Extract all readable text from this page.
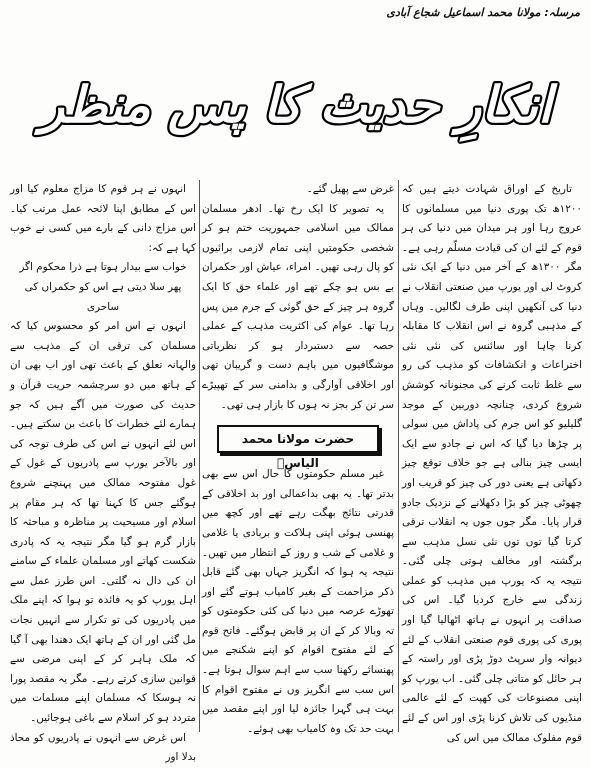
مرسلہ: مولانا محمد اسماعیل شجاع آبادی
انکارِ حدیث کا پس منظر

تاریخ کے اوراق شہادت دیتے ہیں کہ ۱۲۰۰ھ تک پوری دنیا میں مسلمانوں کا عروج رہا اور ہر میدان میں دنیا کی ہر قوم کے لئے ان کی قیادت مسلّم رہی ہے۔ مگر ۱۳۰۰ھ کے آخر میں دنیا کے ایک نئی کروٹ لی اور یورپ میں صنعتی انقلاب نے دنیا کی آنکھیں اپنی طرف لگالیں۔ وہاں کے مذہبی گروہ نے اس انقلاب کا مقابلہ کرنا چاہا اور سائنس کی نئی نئی اختراعات و انکشافات کو مذہب کی رو سے غلط ثابت کرنے کی مجنونانہ کوشش شروع کردی، چنانچہ دوربین کے موجد گلیلیو کو اس جرم کی پاداش میں سولی پر چڑھا دیا گیا کہ اس نے جادو سے ایک ایسی چیز بنالی ہے جو خلاف توقع چیز دکھاتی ہے یعنی دور کی چیز کو قریب اور چھوٹی چیز کو بڑا دکھلانے کے نزدیک جادو قرار پایا۔ مگر جوں جوں یہ انقلاب ترقی کرتا گیا توں توں نئی نسل مذہب سے برگشتہ اور مخالف ہوتی چلی گئی۔ نتیجہ یہ کہ یورپ میں مذہب کو عملی زندگی سے خارج کردیا گیا۔ اس کی صداقت پر انہوں نے ہاتھ اٹھالیا گیا اور پوری کی پوری قوم صنعتی انقلاب کے لئے دیوانہ وار سرپٹ دوڑ پڑی اور راستہ کے ہر حائل کو متاتی چلی گئی۔ اب یورپ کو اپنی مصنوعات کی کھپت کے لئے عالمی منڈیوں کی تلاش کرنا پڑی اور اس کے لئے قوم مفلوک ممالک میں اس کی

غرض سے پھیل گئے۔

یہ تصویر کا ایک رخ تھا۔ ادھر مسلمان ممالک میں اسلامی جمہوریت ختم ہو کر شخصی حکومتیں اپنی تمام لازمی برائیوں کو پال رہی تھیں۔ امراء، عیاش اور حکمران بے بس ہو چکے تھے اور علماء حق کا ایک گروہ ہر چیز کے حق گوئی کے جرم میں پس رہا تھا۔ عوام کی اکثریت مذہب کے عملی حصہ سے دستبردار ہو کر نظریاتی موشگافیوں میں باہم دست و گریبان تھی اور اخلاقی آوارگی و بدامنی سر کے تھپیڑے سر تن کر بجز نہ ہوں کا بازار ہی تھی۔

حضرت مولانا محمد الیاسؒ

غیر مسلم حکومتوں کا حال اس سے بھی بدتر تھا۔ یہ بھی بداعمالی اور بد اخلاقی کے قدرتی نتائج بھگت رہے تھے اور کچھ میں پھنسی ہوئی اپنی ہلاکت و بربادی یا غلامی و غلامی کے شب و روز کے انتظار میں تھیں۔ نتیجہ یہ ہوا کہ انگریز جہاں بھی گئے قابل ذکر مزاحمت کے بغیر کامیاب ہوتے گئے اور تھوڑے عرصہ میں دنیا کی کئی حکومتوں کو تہ وبالا کر کے ان پر قابض ہوگئے۔ فاتح قوم کے لئے مفتوح اقوام کو اپنے شکنجے میں پھنسائے رکھنا سب سے اہم سوال ہوتا ہے۔ اس سب سے انگریز وں نے مفتوح اقوام کا بہت ہی گہرا جائزہ لیا اور اپنے مقصد میں بہت حد تک وہ کامیاب بھی ہوئے۔

انہوں نے ہر قوم کا مزاج معلوم کیا اور اس کے مطابق اپنا لائحہ عمل مرتب کیا۔ اس مزاج دانی کے بارے میں کسی نے خوب کہا ہے کہ:

خواب سے بیدار ہوتا ہے ذرا محکوم اگر

پھر سلا دیتی ہے اس کو حکمراں کی ساحری

انہوں نے اس امر کو محسوس کیا کہ مسلمان کی ترقی ان کے مذہب سے والہانہ تعلق کے باعث تھی اور اب بھی ان کے ہاتھ میں دو سرچشمہ حریت قرآن و حدیث کی صورت میں آگے ہیں کہ جو ہمارے لئے خطرات کا باعث بن سکتے ہیں۔ اس لئے انہوں نے اس کی طرف توجہ کی اور بالآخر یورپ سے پادریوں کے غول کے غول مفتوحہ ممالک میں پہنچنے شروع ہوگئے جس کا کہنا تھا کہ ہر مقام پر اسلام اور مسیحیت پر مناظرہ و مباحثہ کا بازار گرم ہو گیا مگر نتیجہ یہ کہ پادری شکست کھاتے اور مسلمان علماء کے سامنے ان کی دال نہ گلتی۔ اس طرز عمل سے اہل یورپ کو یہ فائدہ تو ہوا کہ اپنے ملک میں پادریوں کی تو تکرار سے انہیں نجات مل گئی اور ان کے ہاتھ ایک دھندا بھی آ گیا کہ ملک ہاہر کر کے اپنی مرضی سے قوانین سازی کرتے رہے۔ مگر یہ مقصد پورا نہ ہوسکا کہ مسلمان اپنے مسلمات میں متردد ہو کر اسلام سے باغی ہوجائیں۔

اس غرض سے انہوں نے پادریوں کو محاذ بدلا اور
